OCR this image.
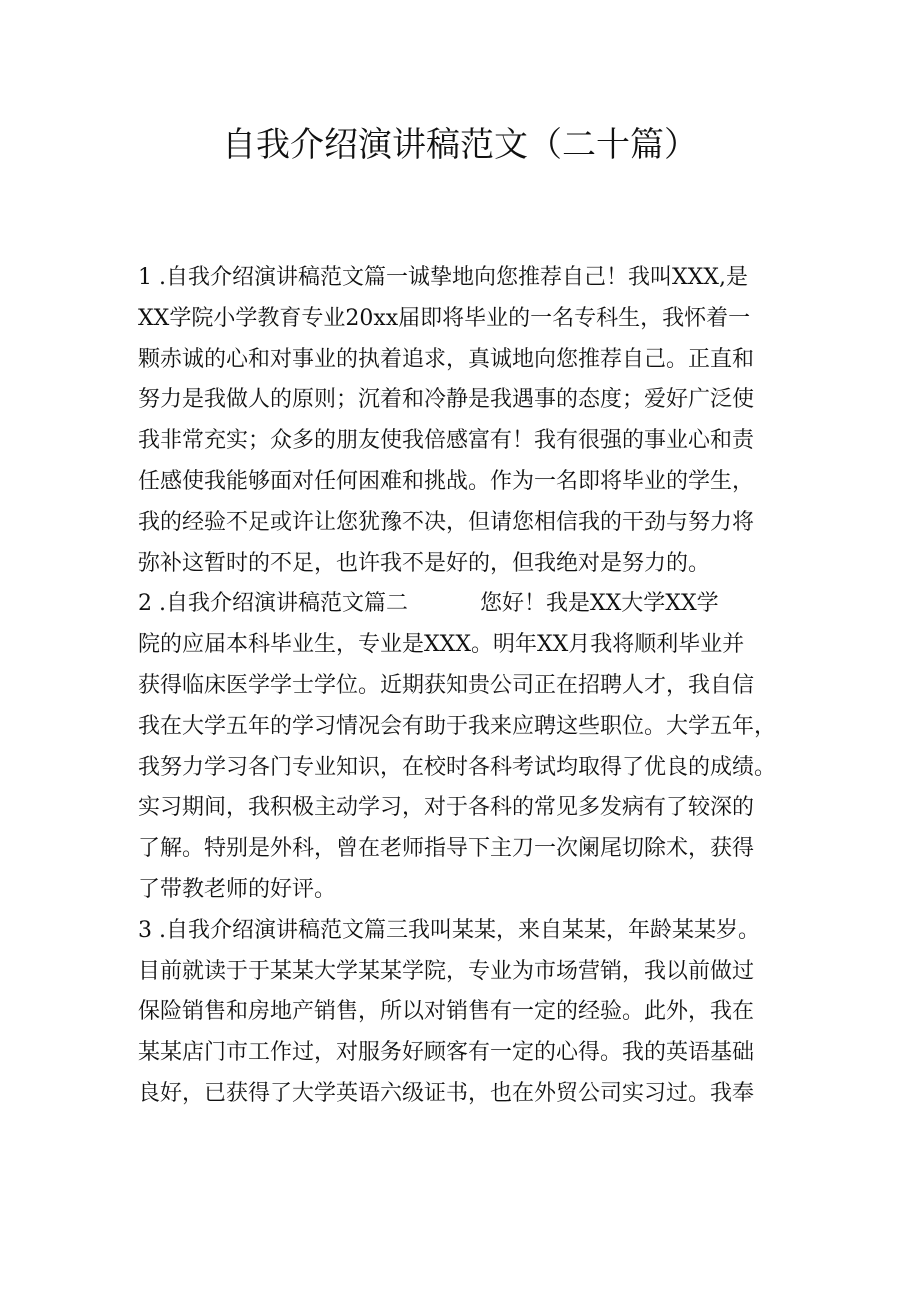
自我介绍演讲稿范文（二十篇）
1 .自我介绍演讲稿范文篇一诚挚地向您推荐自己！我叫XXX,是
XX学院小学教育专业20xx届即将毕业的一名专科生，我怀着一
颗赤诚的心和对事业的执着追求，真诚地向您推荐自己。正直和
努力是我做人的原则；沉着和冷静是我遇事的态度；爱好广泛使
我非常充实；众多的朋友使我倍感富有！我有很强的事业心和责
任感使我能够面对任何困难和挑战。作为一名即将毕业的学生，
我的经验不足或许让您犹豫不决，但请您相信我的干劲与努力将
弥补这暂时的不足，也许我不是好的，但我绝对是努力的。
2 .自我介绍演讲稿范文篇二	您好！我是XX大学XX学
院的应届本科毕业生，专业是XXX。明年XX月我将顺利毕业并
获得临床医学学士学位。近期获知贵公司正在招聘人才，我自信
我在大学五年的学习情况会有助于我来应聘这些职位。大学五年，
我努力学习各门专业知识，在校时各科考试均取得了优良的成绩。
实习期间，我积极主动学习，对于各科的常见多发病有了较深的
了解。特别是外科，曾在老师指导下主刀一次阑尾切除术，获得
了带教老师的好评。
3 .自我介绍演讲稿范文篇三我叫某某，来自某某，年龄某某岁。
目前就读于于某某大学某某学院，专业为市场营销，我以前做过
保险销售和房地产销售，所以对销售有一定的经验。此外，我在
某某店门市工作过，对服务好顾客有一定的心得。我的英语基础
良好，已获得了大学英语六级证书，也在外贸公司实习过。我奉
